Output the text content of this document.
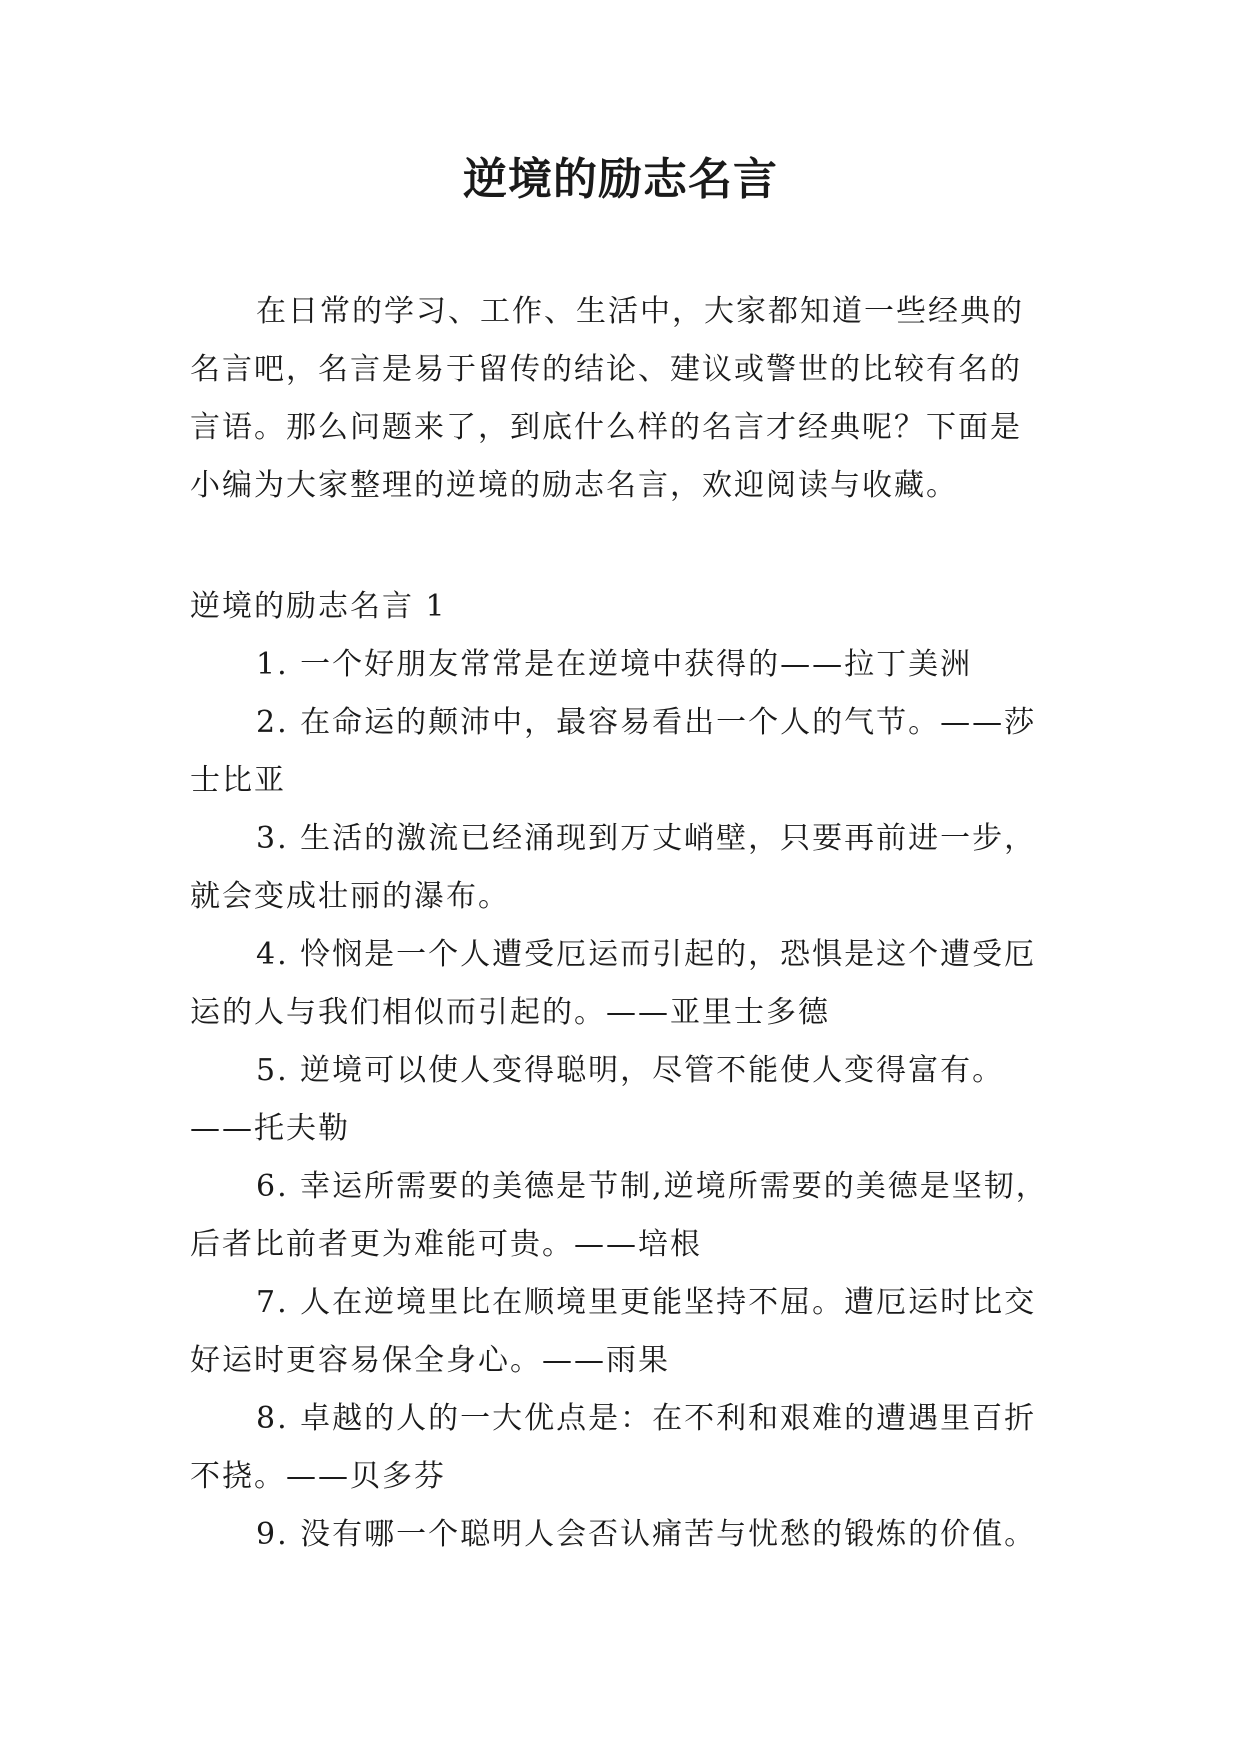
逆境的励志名言

在日常的学习、工作、生活中，大家都知道一些经典的名言吧，名言是易于留传的结论、建议或警世的比较有名的言语。那么问题来了，到底什么样的名言才经典呢？下面是小编为大家整理的逆境的励志名言，欢迎阅读与收藏。

逆境的励志名言 1
1. 一个好朋友常常是在逆境中获得的——拉丁美洲
2. 在命运的颠沛中，最容易看出一个人的气节。——莎士比亚
3. 生活的激流已经涌现到万丈峭壁，只要再前进一步，就会变成壮丽的瀑布。
4. 怜悯是一个人遭受厄运而引起的，恐惧是这个遭受厄运的人与我们相似而引起的。——亚里士多德
5. 逆境可以使人变得聪明，尽管不能使人变得富有。——托夫勒
6. 幸运所需要的美德是节制,逆境所需要的美德是坚韧，后者比前者更为难能可贵。——培根
7. 人在逆境里比在顺境里更能坚持不屈。遭厄运时比交好运时更容易保全身心。——雨果
8. 卓越的人的一大优点是：在不利和艰难的遭遇里百折不挠。——贝多芬
9. 没有哪一个聪明人会否认痛苦与忧愁的锻炼的价值。
